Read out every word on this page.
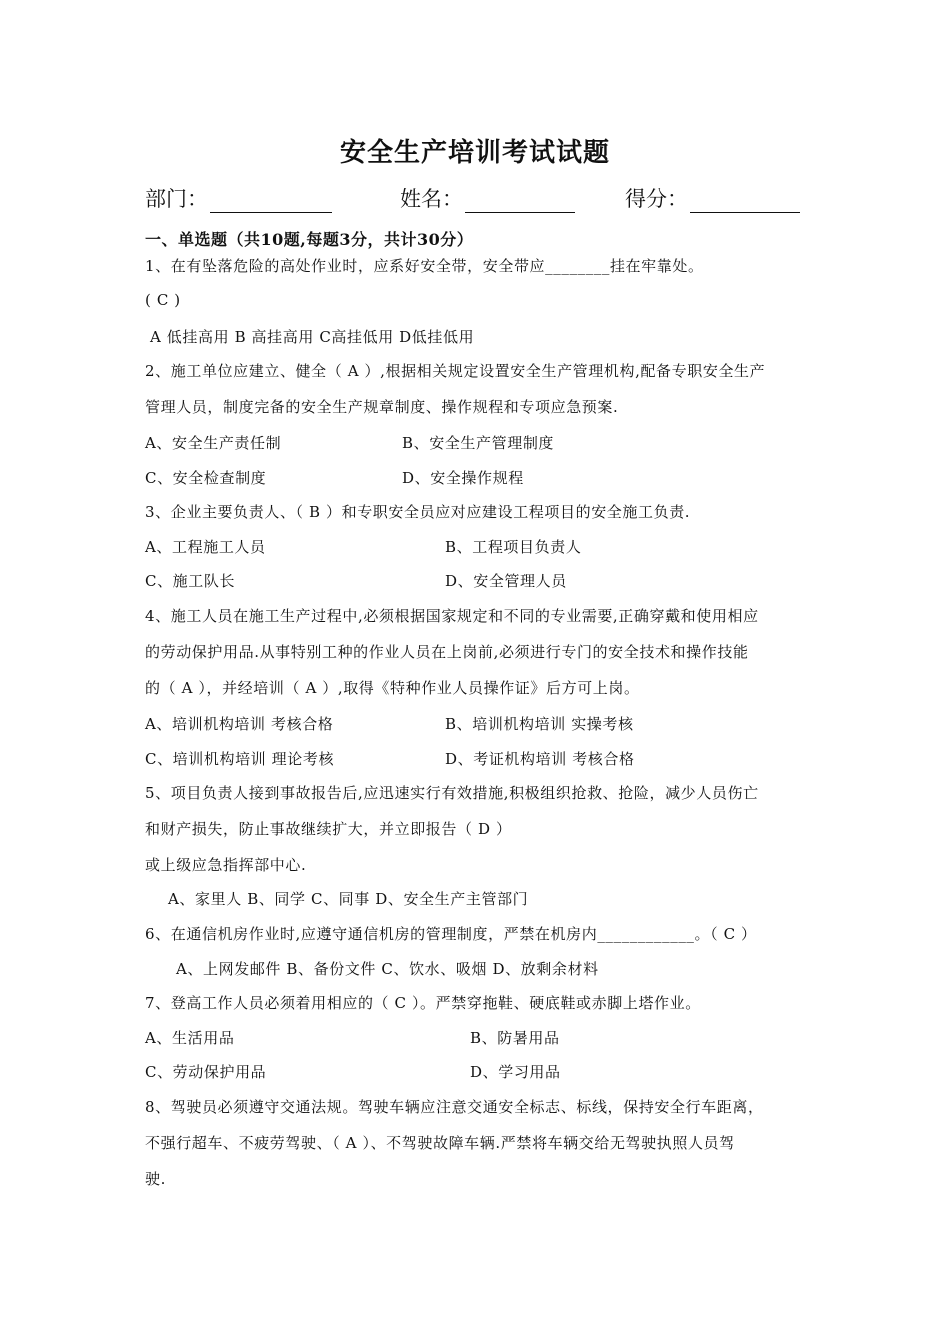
安全生产培训考试试题
部门：	姓名：	得分：
一、单选题（共10题,每题3分，共计30分）
1、在有坠落危险的高处作业时，应系好安全带，安全带应________挂在牢靠处。
( C )
A 低挂高用 B 高挂高用 C高挂低用 D低挂低用
2、施工单位应建立、健全（ A ）,根据相关规定设置安全生产管理机构,配备专职安全生产
管理人员，制度完备的安全生产规章制度、操作规程和专项应急预案.
A、安全生产责任制	B、安全生产管理制度
C、安全检查制度	D、安全操作规程
3、企业主要负责人、（ B ）和专职安全员应对应建设工程项目的安全施工负责.
A、工程施工人员	B、工程项目负责人
C、施工队长	D、安全管理人员
4、施工人员在施工生产过程中,必须根据国家规定和不同的专业需要,正确穿戴和使用相应
的劳动保护用品.从事特别工种的作业人员在上岗前,必须进行专门的安全技术和操作技能
的（ A ），并经培训（ A ）,取得《特种作业人员操作证》后方可上岗。
A、培训机构培训 考核合格	B、培训机构培训 实操考核
C、培训机构培训 理论考核	D、考证机构培训 考核合格
5、项目负责人接到事故报告后,应迅速实行有效措施,积极组织抢救、抢险，减少人员伤亡
和财产损失，防止事故继续扩大，并立即报告（ D ）
或上级应急指挥部中心.
A、家里人 B、同学 C、同事 D、安全生产主管部门
6、在通信机房作业时,应遵守通信机房的管理制度，严禁在机房内____________。（ C ）
A、上网发邮件 B、备份文件 C、饮水、吸烟 D、放剩余材料
7、登高工作人员必须着用相应的（ C ）。严禁穿拖鞋、硬底鞋或赤脚上塔作业。
A、生活用品	B、防暑用品
C、劳动保护用品	D、学习用品
8、驾驶员必须遵守交通法规。驾驶车辆应注意交通安全标志、标线，保持安全行车距离，
不强行超车、不疲劳驾驶、（ A ）、不驾驶故障车辆.严禁将车辆交给无驾驶执照人员驾
驶.
